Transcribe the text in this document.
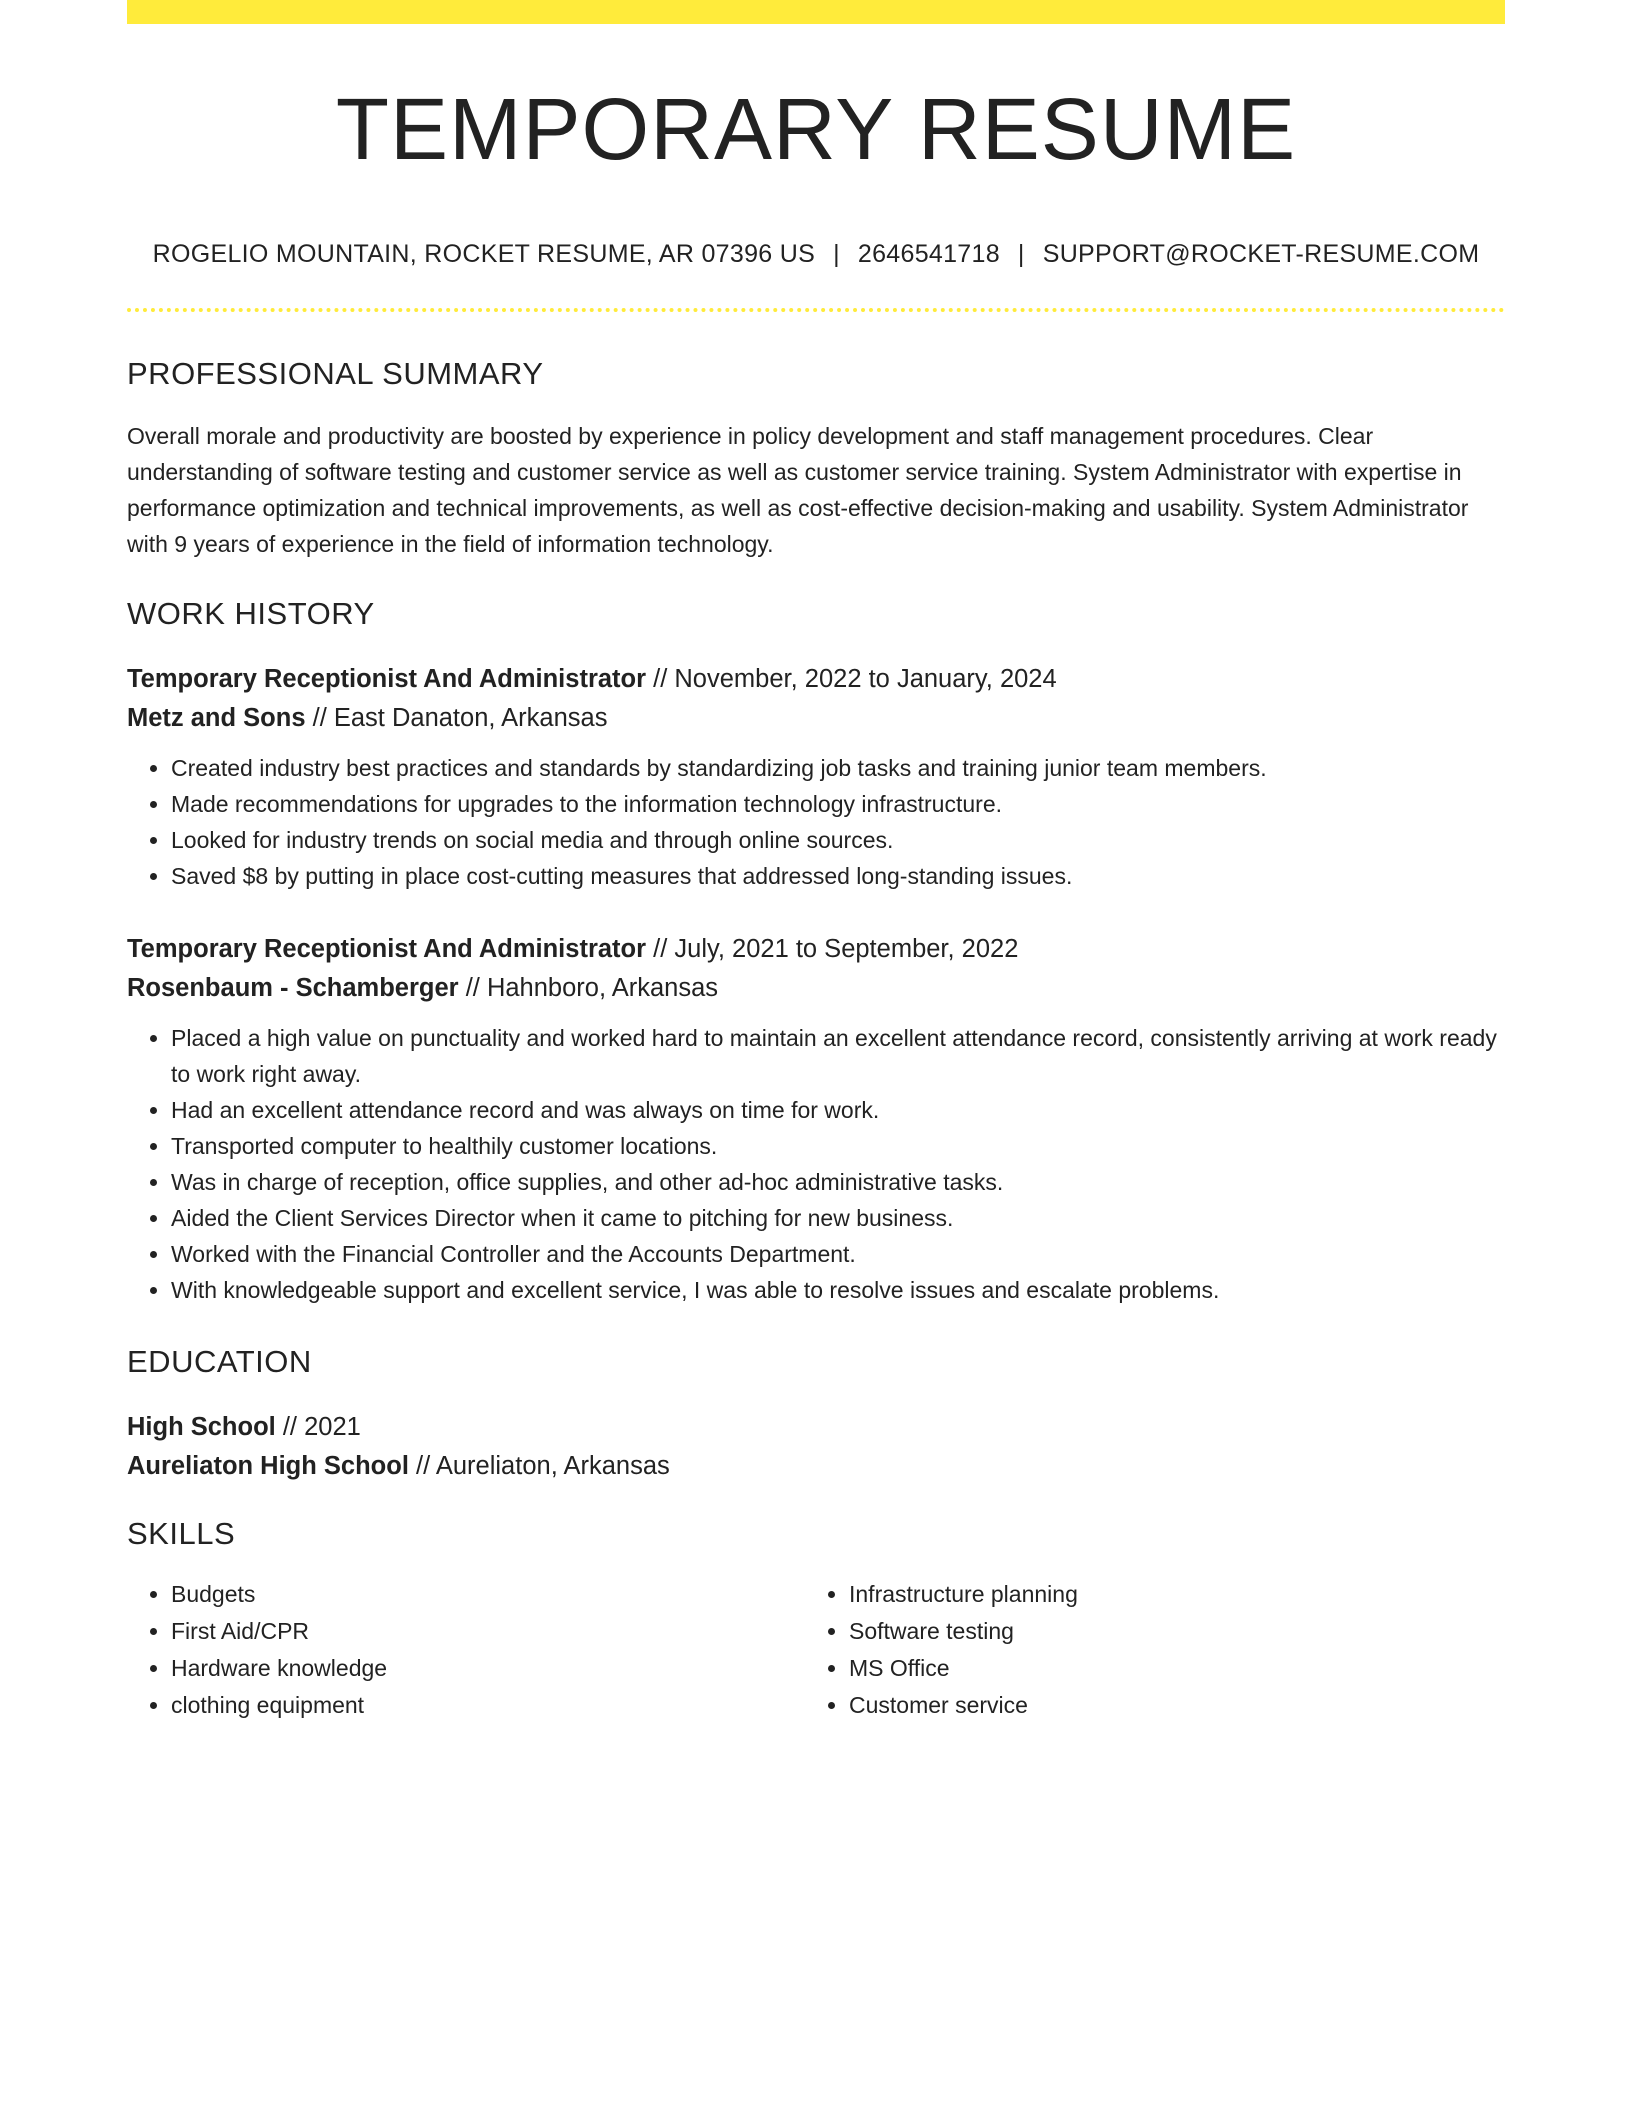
TEMPORARY RESUME
ROGELIO MOUNTAIN, ROCKET RESUME, AR 07396 US | 2646541718 | SUPPORT@ROCKET-RESUME.COM
PROFESSIONAL SUMMARY
Overall morale and productivity are boosted by experience in policy development and staff management procedures. Clear understanding of software testing and customer service as well as customer service training. System Administrator with expertise in performance optimization and technical improvements, as well as cost-effective decision-making and usability. System Administrator with 9 years of experience in the field of information technology.
WORK HISTORY
Temporary Receptionist And Administrator // November, 2022 to January, 2024
Metz and Sons // East Danaton, Arkansas
• Created industry best practices and standards by standardizing job tasks and training junior team members.
• Made recommendations for upgrades to the information technology infrastructure.
• Looked for industry trends on social media and through online sources.
• Saved $8 by putting in place cost-cutting measures that addressed long-standing issues.
Temporary Receptionist And Administrator // July, 2021 to September, 2022
Rosenbaum - Schamberger // Hahnboro, Arkansas
• Placed a high value on punctuality and worked hard to maintain an excellent attendance record, consistently arriving at work ready to work right away.
• Had an excellent attendance record and was always on time for work.
• Transported computer to healthily customer locations.
• Was in charge of reception, office supplies, and other ad-hoc administrative tasks.
• Aided the Client Services Director when it came to pitching for new business.
• Worked with the Financial Controller and the Accounts Department.
• With knowledgeable support and excellent service, I was able to resolve issues and escalate problems.
EDUCATION
High School // 2021
Aureliaton High School // Aureliaton, Arkansas
SKILLS
• Budgets
• First Aid/CPR
• Hardware knowledge
• clothing equipment
• Infrastructure planning
• Software testing
• MS Office
• Customer service
